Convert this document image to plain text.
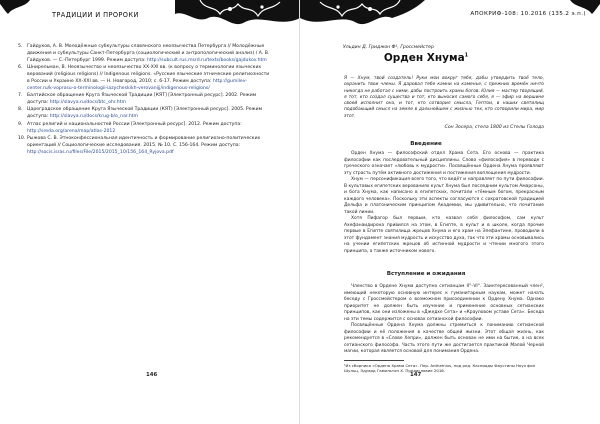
ТРАДИЦИИ И ПРОРОКИ
5.	Гайдуков, А. В. Молодёжные субкультуры славянского неоязычества Петербурга // Молодёжные движения и субкультуры Санкт-Петербурга (социологический и антропологический анализ) / А. В. Гайдуков. — С.-Петербург 1999. Режим доступа: http://subcult.rus.msrd.ru/texts/books/gajdukov.htm
6.	Шнирельман, В. Неоязычество и неоязычество ХХ-ХХI вв. (к вопросу о терминологии языческих верований (religious religions) // Indigenous religions. «Русские языческие этнические религиозности в России и Украине ХХ-ХХI вв. — Н. Новгород, 2010; с. 6-17. Режим доступа: http://gumilev-center.ru/k-voprosu-o-terminologii-iazycheskikh-verovanijj/indigenous-religions/
7.	Балтийское обращение Круга Языческой Традиции [КЯТ] [Электронный ресурс]. 2002. Режим доступа: http://slavya.ru/docs/btc_ohr.htm
8.	Цареградское обращение Круга Языческой Традиции (КЯТ) [Электронный ресурс]. 2005. Режим доступа: http://slavya.ru/docs/krug-b/o_nar.htm
9.	Атлас религий и национальностей России [Электронный ресурс]. 2012. Режим доступа: http://sreda.org/arena/map/atlas-2012
10. Рыжова С. В. Этноконфессиональная идентичность и формирование религиозно-политических ориентаций // Социологические исследования. 2015. № 10. С. 156-164. Режим доступа: http://socis.isras.ru/files/File/2015/2015_10/156_164_Ryjova.pdf
146
АПОКРИФ-108: 10.2016 (135.2 э.п.)
Ульдин Д. Гриджон Ф¹, Гроссмейстер
Орден Хнума$^1$
Я — Хнум, твой создатель! Руки мои вокруг тебя, дабы утвердить твоё тело, охранить твои члены. Я даровал тебе камни на каменье, с прежних времён ничто никогда не работал с ними, дабы построить храмы богов. Юлия — мастер творящий, я тот, кто создал существа и тот, кто выносил самого себя, я — эфир на вершине своей исполнит она, и тот, кто сотворил смысла, Гептои, в наших святилищ подобающий смысл на земле в дальнейшем с жизнью тех, кто сотворили мира, мир этот.
Сон Зосера, стела 1800 из Стелы Голода
Введение

Орден Хнума — философский отдел Храма Сета. Его основа — практика философии как последовательный дисциплины. Слово «философия» в переводе с греческого означает «любовь к мудрости». Посвящённые Ордена Хнума проявляют эту страсть путём активного достижения и постижения воплощения мудрости.

Хнум — персонификация всего того, что ведёт и направляет по пути философии. В культовых египетских верованиях культ Хнума был последним культом Амарсоны, и бога Хнума, как написано в египетских, почитали «тёмным богом, прекрасным каждого человека». Поскольку эти аспекты согласуются с сократовской традицией Дельфа и платоническим принципом Академии, мы удивительно, что почитание такой линии.

Хотя Пифагор был первым, кто назвал себя философом, сам культ Ахефанаидирона привился на этом, в Египте, в культ и в школе, когда прочие первые в Египте святилища жрецов Хнума и его храм на Элефантине, проводили в этот фундамент знания мудрость и искусство духа, так что эти храмы основывались на учении египетских жрецов об истинной мудрости и чтении многого этого принципа, а также источником нового.

Вступление и ожидания

Членство в Ордене Хнума доступно сетианцам II°–VI°. Заинтересованный член², имеющий некоторую основную интерес к гуманитарным наукам, может начать беседу с Гроссмейстером о возможном присоединении к Ордену Хнума. Однако приоритет не должен быть изучение и применение основных сетианских принципов, как они изложены в «Джедхе Сета» и «Крауловом уставе Сета». Беседа на эти темы содержится с основах сетианской философии.

Посвящённые Ордена Хнума должны стремиться к пониманию сетианской философии и её положения в качестве общей жизни. Этот общая жизнь, как рекомендуется в «Слове Хепри», должен быть основан не ими на бытие, а на всех сетианского философа. Часть этого пути же достигается практикой Малой Черной магии, которая является основой для понимания Ордена.

¹Из сборника «Ордена Храма Сета». Пер. Anthemius, под ред. Каспиады Фаустины Ноуэ фон Шульц, Эдуард Гамильтон Х. Предисловие 2016.
147
